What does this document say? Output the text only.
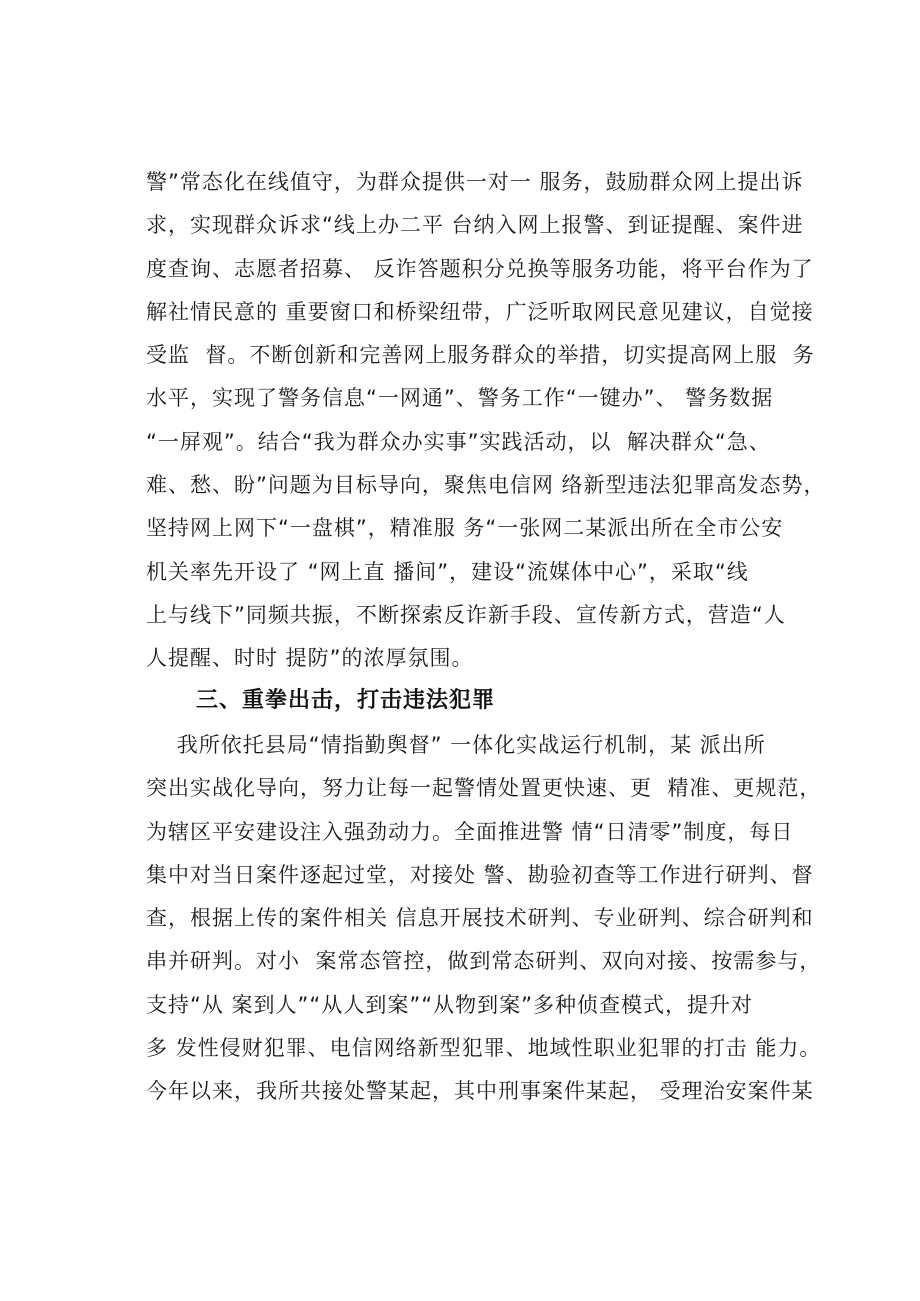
警”常态化在线值守，为群众提供一对一 服务，鼓励群众网上提出诉
求，实现群众诉求“线上办二平 台纳入网上报警、到证提醒、案件进
度查询、志愿者招募、 反诈答题积分兑换等服务功能，将平台作为了
解社情民意的 重要窗口和桥梁纽带，广泛听取网民意见建议，自觉接
受监  督。不断创新和完善网上服务群众的举措，切实提高网上服  务
水平，实现了警务信息“一网通”、警务工作“一键办”、 警务数据
“一屏观”。结合“我为群众办实事”实践活动，以  解决群众“急、
难、愁、盼”问题为目标导向，聚焦电信网 络新型违法犯罪高发态势，
坚持网上网下“一盘棋”，精准服 务“一张网二某派出所在全市公安
机关率先开设了 “网上直 播间”，建设“流媒体中心”，采取“线
上与线下”同频共振，不断探索反诈新手段、宣传新方式，营造“人
人提醒、时时 提防”的浓厚氛围。
三、重拳出击，打击违法犯罪
我所依托县局“情指勤舆督” 一体化实战运行机制，某 派出所
突出实战化导向，努力让每一起警情处置更快速、更  精准、更规范，
为辖区平安建设注入强劲动力。全面推进警 情“日清零”制度，每日
集中对当日案件逐起过堂，对接处 警、勘验初查等工作进行研判、督
查，根据上传的案件相关 信息开展技术研判、专业研判、综合研判和
串并研判。对小  案常态管控，做到常态研判、双向对接、按需参与，
支持“从 案到人”“从人到案”“从物到案”多种侦查模式，提升对
多 发性侵财犯罪、电信网络新型犯罪、地域性职业犯罪的打击 能力。
今年以来，我所共接处警某起，其中刑事案件某起， 受理治安案件某
